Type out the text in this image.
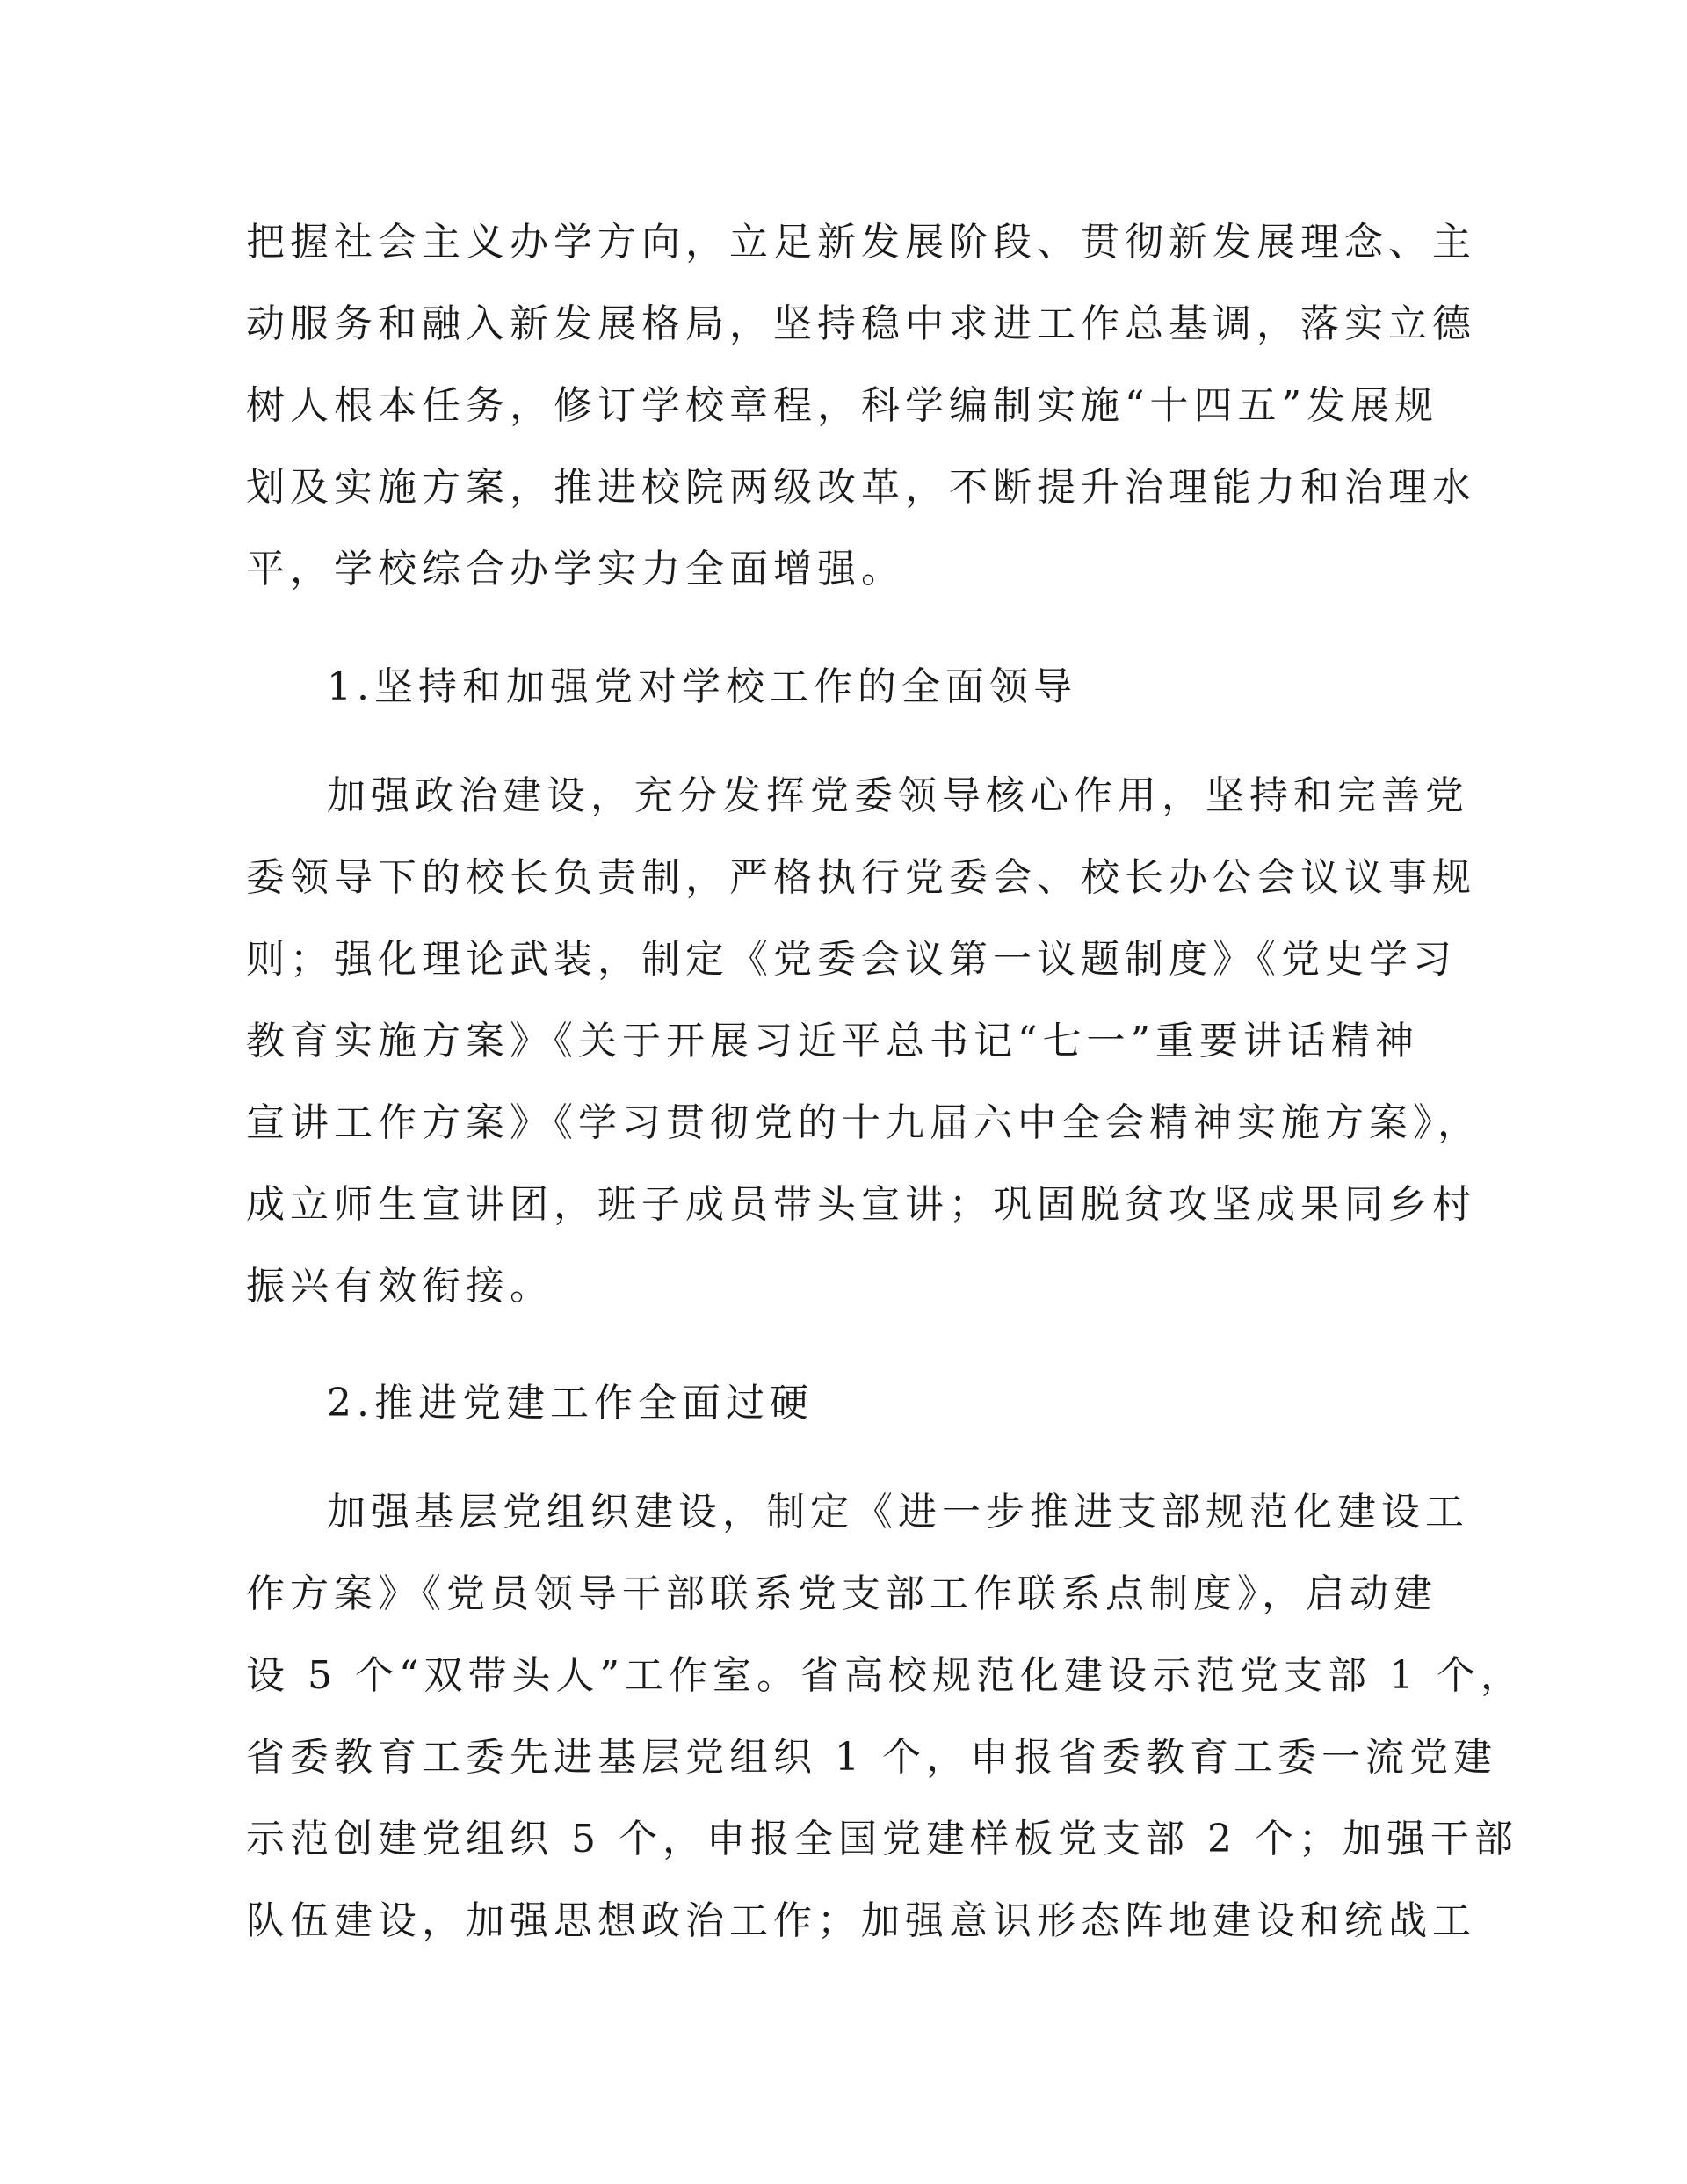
把握社会主义办学方向，立足新发展阶段、贯彻新发展理念、主

动服务和融入新发展格局，坚持稳中求进工作总基调，落实立德

树人根本任务，修订学校章程，科学编制实施“十四五”发展规

划及实施方案，推进校院两级改革，不断提升治理能力和治理水

平，学校综合办学实力全面增强。

1.坚持和加强党对学校工作的全面领导

加强政治建设，充分发挥党委领导核心作用，坚持和完善党

委领导下的校长负责制，严格执行党委会、校长办公会议议事规

则；强化理论武装，制定《党委会议第一议题制度》《党史学习

教育实施方案》《关于开展习近平总书记“七一”重要讲话精神

宣讲工作方案》《学习贯彻党的十九届六中全会精神实施方案》，

成立师生宣讲团，班子成员带头宣讲；巩固脱贫攻坚成果同乡村

振兴有效衔接。

2.推进党建工作全面过硬

加强基层党组织建设，制定《进一步推进支部规范化建设工

作方案》《党员领导干部联系党支部工作联系点制度》，启动建

设 5 个“双带头人”工作室。省高校规范化建设示范党支部 1 个，

省委教育工委先进基层党组织 1 个，申报省委教育工委一流党建

示范创建党组织 5 个，申报全国党建样板党支部 2 个；加强干部

队伍建设，加强思想政治工作；加强意识形态阵地建设和统战工
